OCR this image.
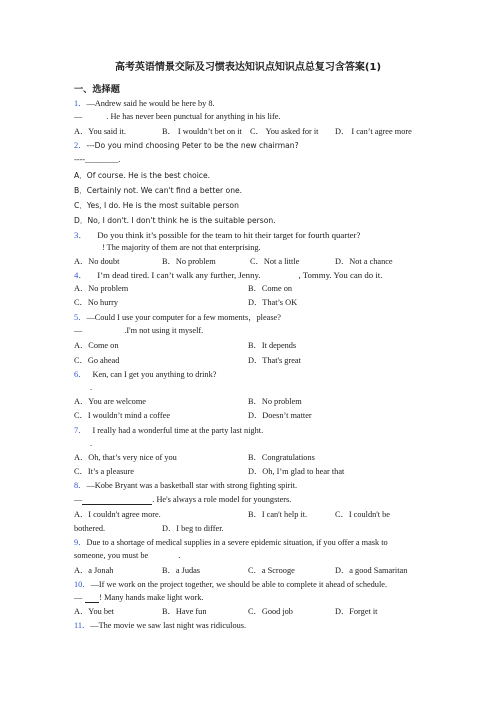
高考英语情景交际及习惯表达知识点知识点总复习含答案(1)
一、选择题
1．—Andrew said he would be here by 8.
—	. He has never been punctual for anything in his life.
A．You said it.	B． I wouldn’t bet on it C． You asked for it D． I can’t agree more
2．---Do you mind choosing Peter to be the new chairman?
----________.
A．Of course. He is the best choice.
B．Certainly not. We can't find a better one.
C．Yes, I do. He is the most suitable person
D．No, I don't. I don't think he is the suitable person.
3． Do you think it’s possible for the team to hit their target for fourth quarter?
! The majority of them are not that enterprising.
A．No doubt	B．No problem	C．Not a little	D．Not a chance
4． I’m dead tired. I can’t walk any further, Jenny.	, Tommy. You can do it.
A．No problem	B．Come on
C．No hurry	D．That’s OK
5．—Could I use your computer for a few moments，please?
—	.I'm not using it myself.
A．Come on	B．It depends
C．Go ahead	D．That's great
6． Ken, can I get you anything to drink?
.
A．You are welcome	B．No problem
C．I wouldn’t mind a coffee	D．Doesn’t matter
7． I really had a wonderful time at the party last night.
.
A．Oh, that’s very nice of you	B．Congratulations
C．It’s a pleasure	D．Oh, I’m glad to hear that
8．—Kobe Bryant was a basketball star with strong fighting spirit.
—	. He's always a role model for youngsters.
A．I couldn't agree more.	B．I can't help it.	C．I couldn't be
bothered.	D．I beg to differ.
9．Due to a shortage of medical supplies in a severe epidemic situation, if you offer a mask to
someone, you must be	.
A．a Jonah	B．a Judas	C．a Scrooge	D．a good Samaritan
10．—If we work on the project together, we should be able to complete it ahead of schedule.
— ! Many hands make light work.
A．You bet	B．Have fun	C．Good job	D．Forget it
11．—The movie we saw last night was ridiculous.
